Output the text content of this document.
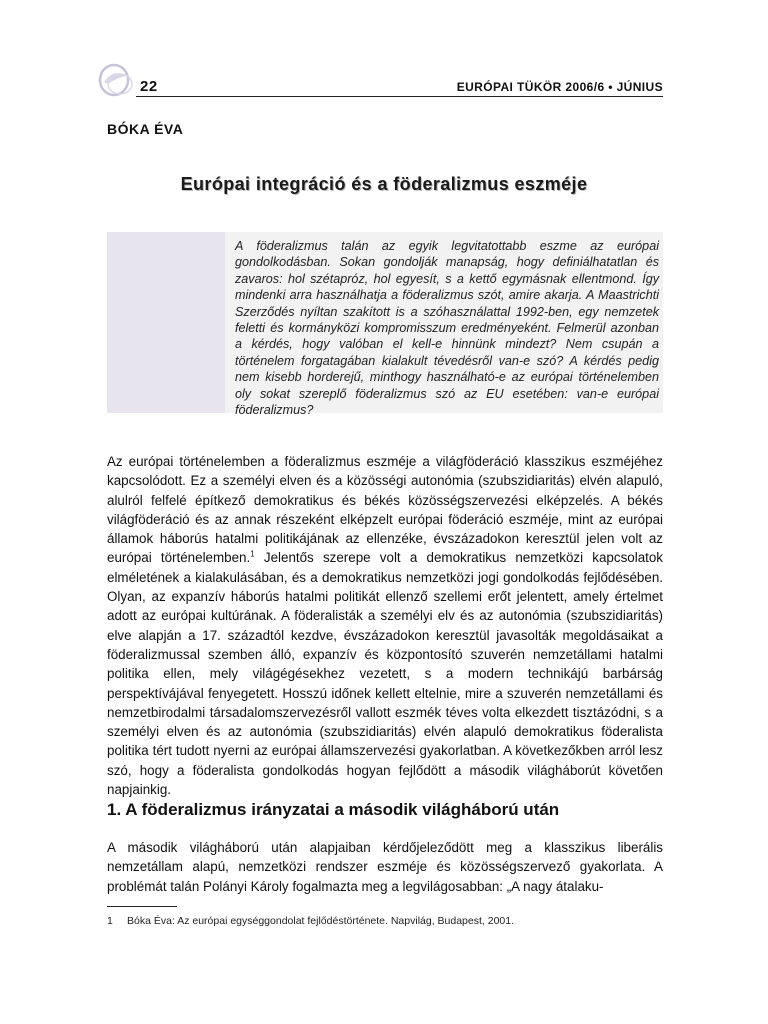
22	EURÓPAI TÜKÖR 2006/6 • JÚNIUS
BÓKA ÉVA
Európai integráció és a föderalizmus eszméje

A föderalizmus talán az egyik legvitatottabb eszme az európai gondolkodásban. Sokan gondolják manapság, hogy definiálhatatlan és zavaros: hol szétapróz, hol egyesít, s a kettő egymásnak ellentmond. Így mindenki arra használhatja a föderalizmus szót, amire akarja. A Maastrichti Szerződés nyíltan szakított is a szóhasználattal 1992-ben, egy nemzetek feletti és kormányközi kompromisszum eredményeként. Felmerül azonban a kérdés, hogy valóban el kell-e hinnünk mindezt? Nem csupán a történelem forgatagában kialakult tévedésről van-e szó? A kérdés pedig nem kisebb horderejű, minthogy használható-e az európai történelemben oly sokat szereplő föderalizmus szó az EU esetében: van-e európai föderalizmus?

Az európai történelemben a föderalizmus eszméje a világföderáció klasszikus eszméjéhez kapcsolódott. Ez a személyi elven és a közösségi autonómia (szubszidiaritás) elvén alapuló, alulról felfelé építkező demokratikus és békés közösségszervezési elképzelés. A békés világföderáció és az annak részeként elképzelt európai föderáció eszméje, mint az európai államok háborús hatalmi politikájának az ellenzéke, évszázadokon keresztül jelen volt az európai történelemben.$^1$ Jelentős szerepe volt a demokratikus nemzetközi kapcsolatok elméletének a kialakulásában, és a demokratikus nemzetközi jogi gondolkodás fejlődésében. Olyan, az expanzív háborús hatalmi politikát ellenző szellemi erőt jelentett, amely értelmet adott az európai kultúrának. A föderalisták a személyi elv és az autonómia (szubszidiaritás) elve alapján a 17. századtól kezdve, évszázadokon keresztül javasolták megoldásaikat a föderalizmussal szemben álló, expanzív és központosító szuverén nemzetállami hatalmi politika ellen, mely világégésekhez vezetett, s a modern technikájú barbárság perspektívájával fenyegetett. Hosszú időnek kellett eltelnie, mire a szuverén nemzetállami és nemzetbirodalmi társadalomszervezésről vallott eszmék téves volta elkezdett tisztázódni, s a személyi elven és az autonómia (szubszidiaritás) elvén alapuló demokratikus föderalista politika tért tudott nyerni az európai államszervezési gyakorlatban. A következőkben arról lesz szó, hogy a föderalista gondolkodás hogyan fejlődött a második világháborút követően napjainkig.

1. A föderalizmus irányzatai a második világháború után

A második világháború után alapjaiban kérdőjeleződött meg a klasszikus liberális nemzetállam alapú, nemzetközi rendszer eszméje és közösségszervező gyakorlata. A problémát talán Polányi Károly fogalmazta meg a legvilágosabban: „A nagy átalaku-

1 Bóka Éva: Az európai egységgondolat fejlődéstörténete. Napvilág, Budapest, 2001.
